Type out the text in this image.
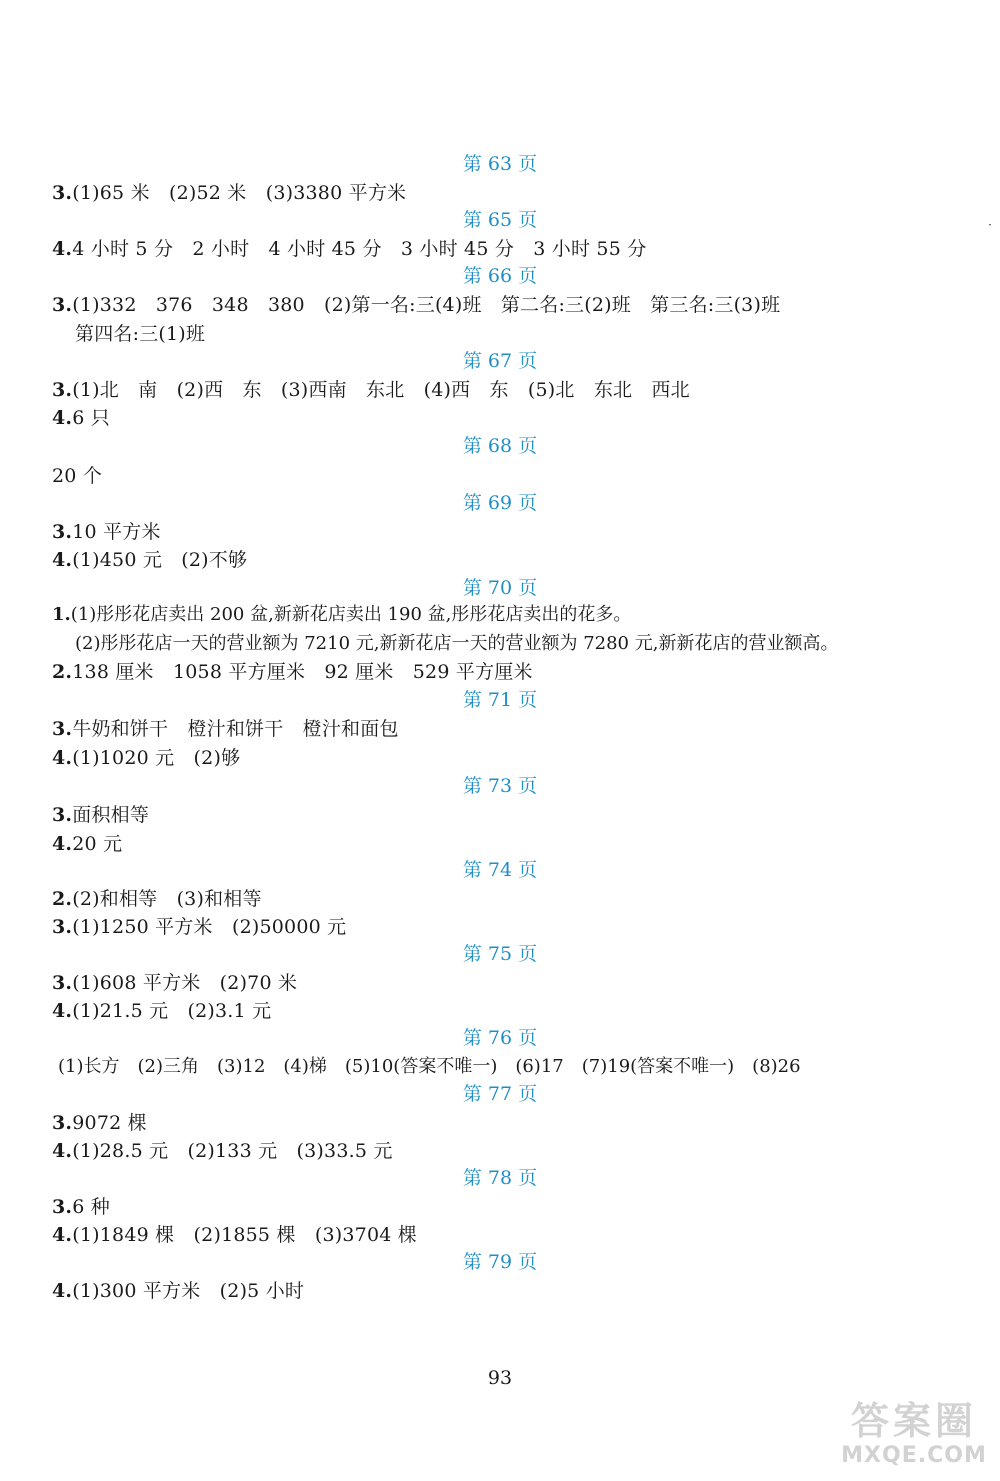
第 63 页
3.(1)65 米　(2)52 米　(3)3380 平方米
第 65 页
4.4 小时 5 分　2 小时　4 小时 45 分　3 小时 45 分　3 小时 55 分
·
第 66 页
3.(1)332　376　348　380　(2)第一名:三(4)班　第二名:三(2)班　第三名:三(3)班
第四名:三(1)班
第 67 页
3.(1)北　南　(2)西　东　(3)西南　东北　(4)西　东　(5)北　东北　西北
4.6 只
第 68 页
20 个
第 69 页
3.10 平方米
4.(1)450 元　(2)不够
第 70 页
1.(1)彤彤花店卖出 200 盆,新新花店卖出 190 盆,彤彤花店卖出的花多。
(2)彤彤花店一天的营业额为 7210 元,新新花店一天的营业额为 7280 元,新新花店的营业额高。
2.138 厘米　1058 平方厘米　92 厘米　529 平方厘米
第 71 页
3.牛奶和饼干　橙汁和饼干　橙汁和面包
4.(1)1020 元　(2)够
第 73 页
3.面积相等
4.20 元
第 74 页
2.(2)和相等　(3)和相等
3.(1)1250 平方米　(2)50000 元
第 75 页
3.(1)608 平方米　(2)70 米
4.(1)21.5 元　(2)3.1 元
第 76 页
(1)长方　(2)三角　(3)12　(4)梯　(5)10(答案不唯一)　(6)17　(7)19(答案不唯一)　(8)26
第 77 页
3.9072 棵
4.(1)28.5 元　(2)133 元　(3)33.5 元
第 78 页
3.6 种
4.(1)1849 棵　(2)1855 棵　(3)3704 棵
第 79 页
4.(1)300 平方米　(2)5 小时
93
答案圈
MXQE.COM
